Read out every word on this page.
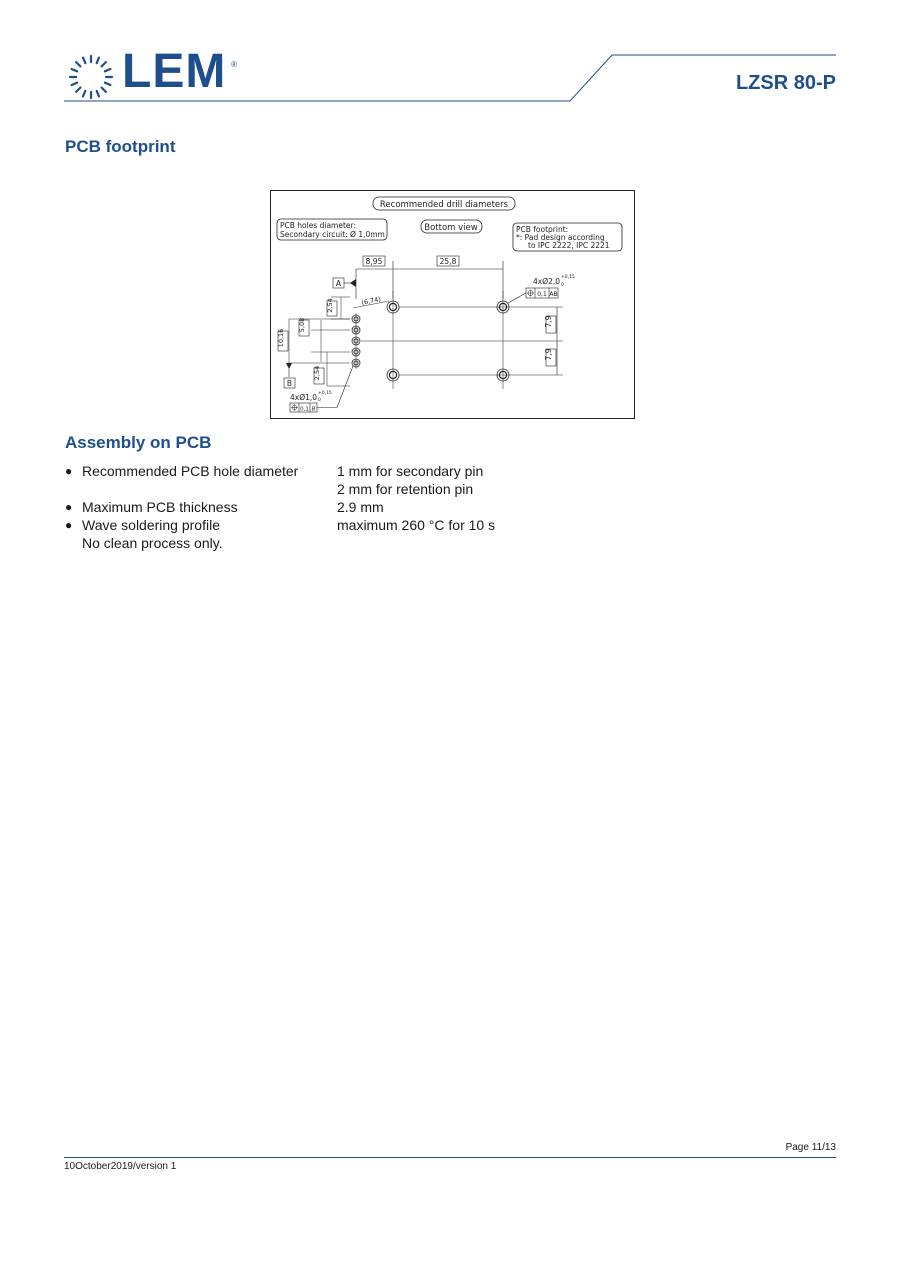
LEM ®
LZSR 80-P
PCB footprint
Recommended drill diameters
PCB holes diameter:
Secondary circuit: Ø 1,0mm
Bottom view	PCB footprint:
*: Pad design according
to IPC 2222, IPC 2221
8,95	25,8
A	4xØ2,0 +0,15
0
0,1 AB
7,9
7,9
(6,74)
2,54
5,08
10,16
2,54
B
4xØ1,0 +0,15
0
0,1 B
Assembly on PCB
● Recommended PCB hole diameter	1 mm for secondary pin
2 mm for retention pin
● Maximum PCB thickness	2.9 mm
● Wave soldering profile	maximum 260 °C for 10 s
No clean process only.
Page 11/13
10October2019/version 1
